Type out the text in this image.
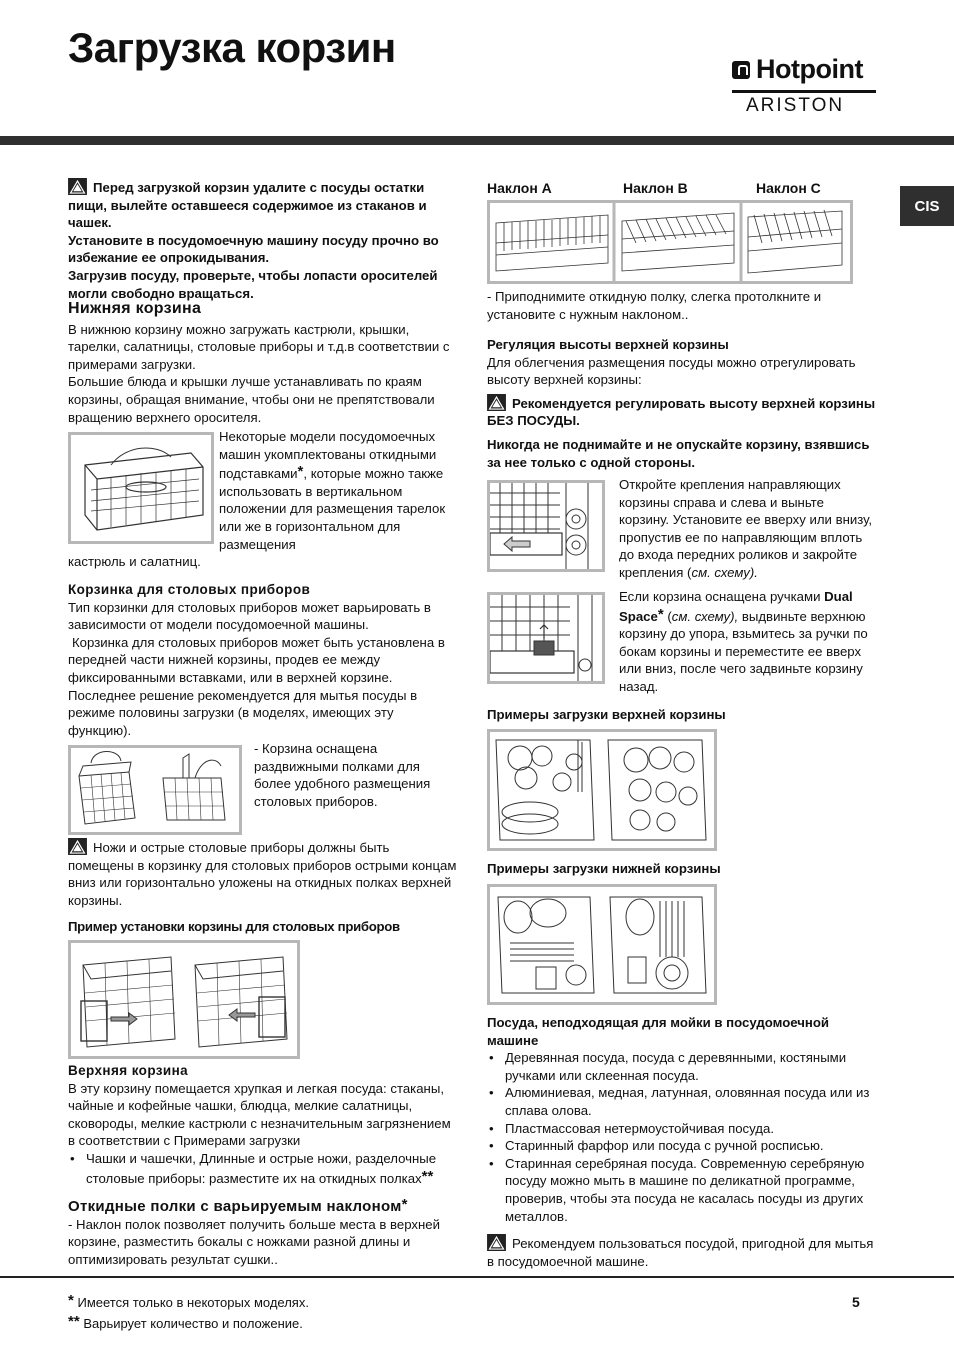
Загрузка корзин	Hotpoint
ARISTON
CIS

Перед загрузкой корзин удалите с посуды остатки пищи, вылейте оставшееся содержимое из стаканов и чашек.

Установите в посудомоечную машину посуду прочно во избежание ее опрокидывания.

Загрузив посуду, проверьте, чтобы лопасти оросителей могли свободно вращаться.

Нижняя корзина

В нижнюю корзину можно загружать кастрюли, крышки, тарелки, салатницы, столовые приборы и т.д.в соответствии с примерами загрузки.

Большие блюда и крышки лучше устанавливать по краям корзины, обращая внимание, чтобы они не препятствовали вращению верхнего оросителя.

Некоторые модели посудомоечных машин укомплектованы откидными подставками*, которые можно также использовать в вертикальном положении для размещения тарелок или же в горизонтальном для размещения

кастрюль и салатниц.

Корзинка для столовых приборов

Тип корзинки для столовых приборов может варьировать в зависимости от модели посудомоечной машины.

Корзинка для столовых приборов может быть установлена в передней части нижней корзины, продев ее между фиксированными вставками, или в верхней корзине.

Последнее решение рекомендуется для мытья посуды в режиме половины загрузки (в моделях, имеющих эту функцию).

- Корзина оснащена раздвижными полками для более удобного размещения столовых приборов.

Ножи и острые столовые приборы должны быть помещены в корзинку для столовых приборов острыми концам вниз или горизонтально уложены на откидных полках верхней корзины.

Пример установки корзины для столовых приборов

Верхняя корзина

В эту корзину помещается хрупкая и легкая посуда: стаканы, чайные и кофейные чашки, блюдца, мелкие салатницы, сковороды, мелкие кастрюли с незначительным загрязнением в соответствии с Примерами загрузки

• Чашки и чашечки, Длинные и острые ножи, разделочные столовые приборы: разместите их на откидных полках**

Откидные полки с варьируемым наклоном*

- Наклон полок позволяет получить больше места в верхней корзине, разместить бокалы с ножками разной длины и оптимизировать результат сушки..

Наклон A	Наклон B	Наклон C

- Приподнимите откидную полку, слегка протолкните и установите с нужным наклоном..

Регуляция высоты верхней корзины

Для облегчения размещения посуды можно отрегулировать высоту верхней корзины:

Рекомендуется регулировать высоту верхней корзины БЕЗ ПОСУДЫ.

Никогда не поднимайте и не опускайте корзину, взявшись за нее только с одной стороны.

Откройте крепления направляющих корзины справа и слева и выньте корзину. Установите ее вверху или внизу, пропустив ее по направляющим вплоть до входа передних роликов и закройте крепления (см. схему).

Если корзина оснащена ручками Dual Space* (см. схему), выдвиньте верхнюю корзину до упора, взьмитесь за ручки по бокам корзины и переместите ее вверх или вниз, после чего задвиньте корзину назад.

Примеры загрузки верхней корзины

Примеры загрузки нижней корзины

Посуда, неподходящая для мойки в посудомоечной машине

• Деревянная посуда, посуда с деревянными, костяными ручками или склеенная посуда.
• Алюминиевая, медная, латунная, оловянная посуда или из сплава олова.
• Пластмассовая нетермоустойчивая посуда.
• Старинный фарфор или посуда с ручной росписью.
• Старинная серебряная посуда. Современную серебряную посуду можно мыть в машине по деликатной программе, проверив, чтобы эта посуда не касалась посуды из других металлов.

Рекомендуем пользоваться посудой, пригодной для мытья в посудомоечной машине.

* Имеется только в некоторых моделях.
** Варьирует количество и положение.
5
